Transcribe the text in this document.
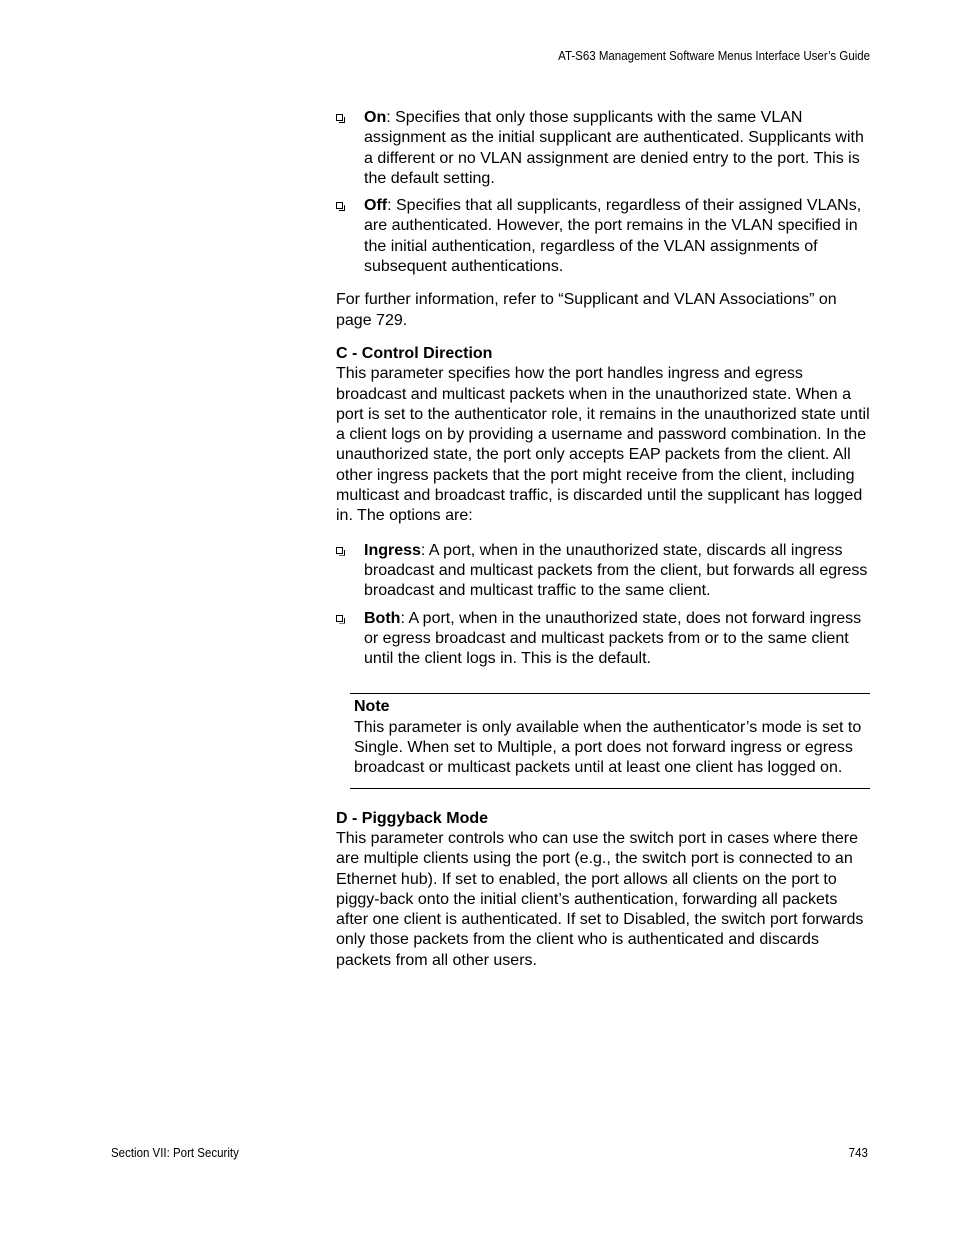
AT-S63 Management Software Menus Interface User’s Guide
On: Specifies that only those supplicants with the same VLAN assignment as the initial supplicant are authenticated. Supplicants with a different or no VLAN assignment are denied entry to the port. This is the default setting.
Off: Specifies that all supplicants, regardless of their assigned VLANs, are authenticated. However, the port remains in the VLAN specified in the initial authentication, regardless of the VLAN assignments of subsequent authentications.

For further information, refer to “Supplicant and VLAN Associations” on page 729.

C - Control Direction

This parameter specifies how the port handles ingress and egress broadcast and multicast packets when in the unauthorized state. When a port is set to the authenticator role, it remains in the unauthorized state until a client logs on by providing a username and password combination. In the unauthorized state, the port only accepts EAP packets from the client. All other ingress packets that the port might receive from the client, including multicast and broadcast traffic, is discarded until the supplicant has logged in. The options are:

Ingress: A port, when in the unauthorized state, discards all ingress broadcast and multicast packets from the client, but forwards all egress broadcast and multicast traffic to the same client.
Both: A port, when in the unauthorized state, does not forward ingress or egress broadcast and multicast packets from or to the same client until the client logs in. This is the default.

Note

This parameter is only available when the authenticator’s mode is set to Single. When set to Multiple, a port does not forward ingress or egress broadcast or multicast packets until at least one client has logged on.

D - Piggyback Mode

This parameter controls who can use the switch port in cases where there are multiple clients using the port (e.g., the switch port is connected to an Ethernet hub). If set to enabled, the port allows all clients on the port to piggy-back onto the initial client’s authentication, forwarding all packets after one client is authenticated. If set to Disabled, the switch port forwards only those packets from the client who is authenticated and discards packets from all other users.

Section VII: Port Security	743
